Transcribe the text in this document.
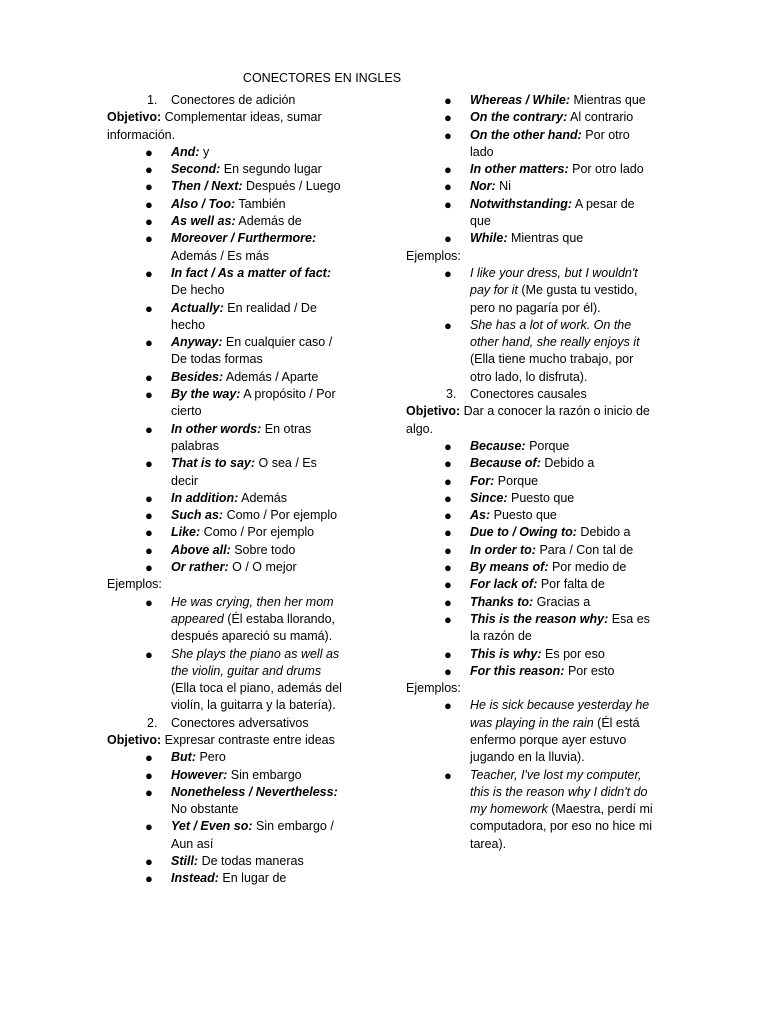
CONECTORES EN INGLES
1. Conectores de adición
Objetivo: Complementar ideas, sumar información.
● And: y
● Second: En segundo lugar
● Then / Next: Después / Luego
● Also / Too: También
● As well as: Además de
● Moreover / Furthermore: Además / Es más
● In fact / As a matter of fact: De hecho
● Actually: En realidad / De hecho
● Anyway: En cualquier caso / De todas formas
● Besides: Además / Aparte
● By the way: A propósito / Por cierto
● In other words: En otras palabras
● That is to say: O sea / Es decir
● In addition: Además
● Such as: Como / Por ejemplo
● Like: Como / Por ejemplo
● Above all: Sobre todo
● Or rather: O / O mejor
Ejemplos:
● He was crying, then her mom appeared (Él estaba llorando, después apareció su mamá).
● She plays the piano as well as the violin, guitar and drums (Ella toca el piano, además del violín, la guitarra y la batería).
2. Conectores adversativos
Objetivo: Expresar contraste entre ideas
● But: Pero
● However: Sin embargo
● Nonetheless / Nevertheless: No obstante
● Yet / Even so: Sin embargo / Aun así
● Still: De todas maneras
● Instead: En lugar de
● Whereas / While: Mientras que
● On the contrary: Al contrario
● On the other hand: Por otro lado
● In other matters: Por otro lado
● Nor: Ni
● Notwithstanding: A pesar de que
● While: Mientras que
Ejemplos:
● I like your dress, but I wouldn't pay for it (Me gusta tu vestido, pero no pagaría por él).
● She has a lot of work. On the other hand, she really enjoys it (Ella tiene mucho trabajo, por otro lado, lo disfruta).
3. Conectores causales
Objetivo: Dar a conocer la razón o inicio de algo.
● Because: Porque
● Because of: Debido a
● For: Porque
● Since: Puesto que
● As: Puesto que
● Due to / Owing to: Debido a
● In order to: Para / Con tal de
● By means of: Por medio de
● For lack of: Por falta de
● Thanks to: Gracias a
● This is the reason why: Esa es la razón de
● This is why: Es por eso
● For this reason: Por esto
Ejemplos:
● He is sick because yesterday he was playing in the rain (Él está enfermo porque ayer estuvo jugando en la lluvia).
● Teacher, I've lost my computer, this is the reason why I didn't do my homework (Maestra, perdí mi computadora, por eso no hice mi tarea).
